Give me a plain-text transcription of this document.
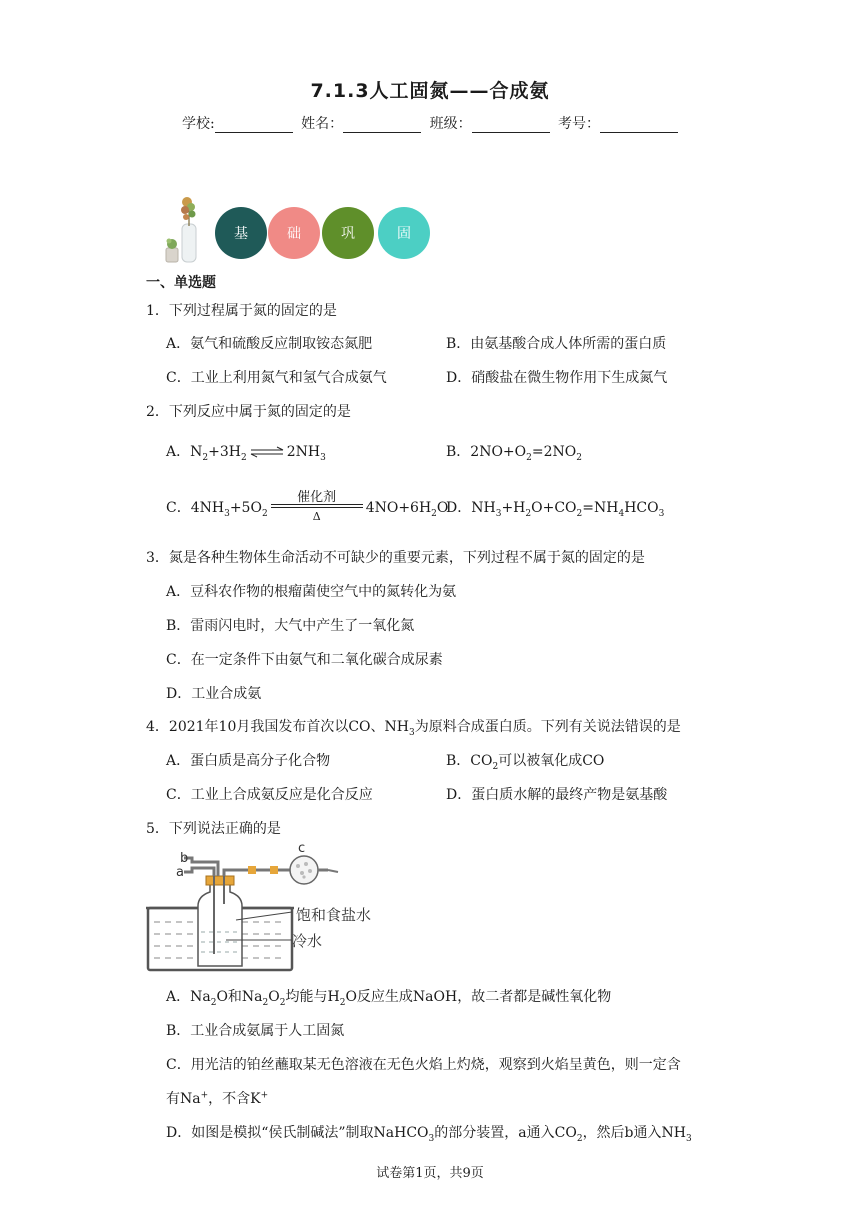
7.1.3人工固氮——合成氨
学校:	姓名：	班级：	考号：
基	础	巩	固
一、单选题
1．下列过程属于氮的固定的是
A．氨气和硫酸反应制取铵态氮肥	B．由氨基酸合成人体所需的蛋白质
C．工业上利用氮气和氢气合成氨气	D．硝酸盐在微生物作用下生成氮气
2．下列反应中属于氮的固定的是
A．$N_2+3H_2$ ⇌ $2NH_3$	B．$2NO+O_2=2NO_2$
C．$4NH_3+5O_2$
催化剂
Δ
$4NO+6H_2O$
D．$NH_3+H_2O+CO_2=NH_4HCO_3$
3．氮是各种生物体生命活动不可缺少的重要元素，下列过程不属于氮的固定的是
A．豆科农作物的根瘤菌使空气中的氮转化为氨
B．雷雨闪电时，大气中产生了一氧化氮
C．在一定条件下由氨气和二氧化碳合成尿素
D．工业合成氨
4．2021年10月我国发布首次以CO、$NH_3$为原料合成蛋白质。下列有关说法错误的是
A．蛋白质是高分子化合物	B．$CO_2$可以被氧化成CO
C．工业上合成氨反应是化合反应	D．蛋白质水解的最终产物是氨基酸
5．下列说法正确的是
b
a
c
饱和食盐水
冷水
A．$Na_2O$和$Na_2O_2$均能与$H_2O$反应生成NaOH，故二者都是碱性氧化物
B．工业合成氨属于人工固氮
C．用光洁的铂丝蘸取某无色溶液在无色火焰上灼烧，观察到火焰呈黄色，则一定含
有Na+，不含K+
D．如图是模拟“侯氏制碱法”制取NaHCO$_3$的部分装置，a通入$CO_2$，然后b通入$NH_3$
试卷第1页，共9页
